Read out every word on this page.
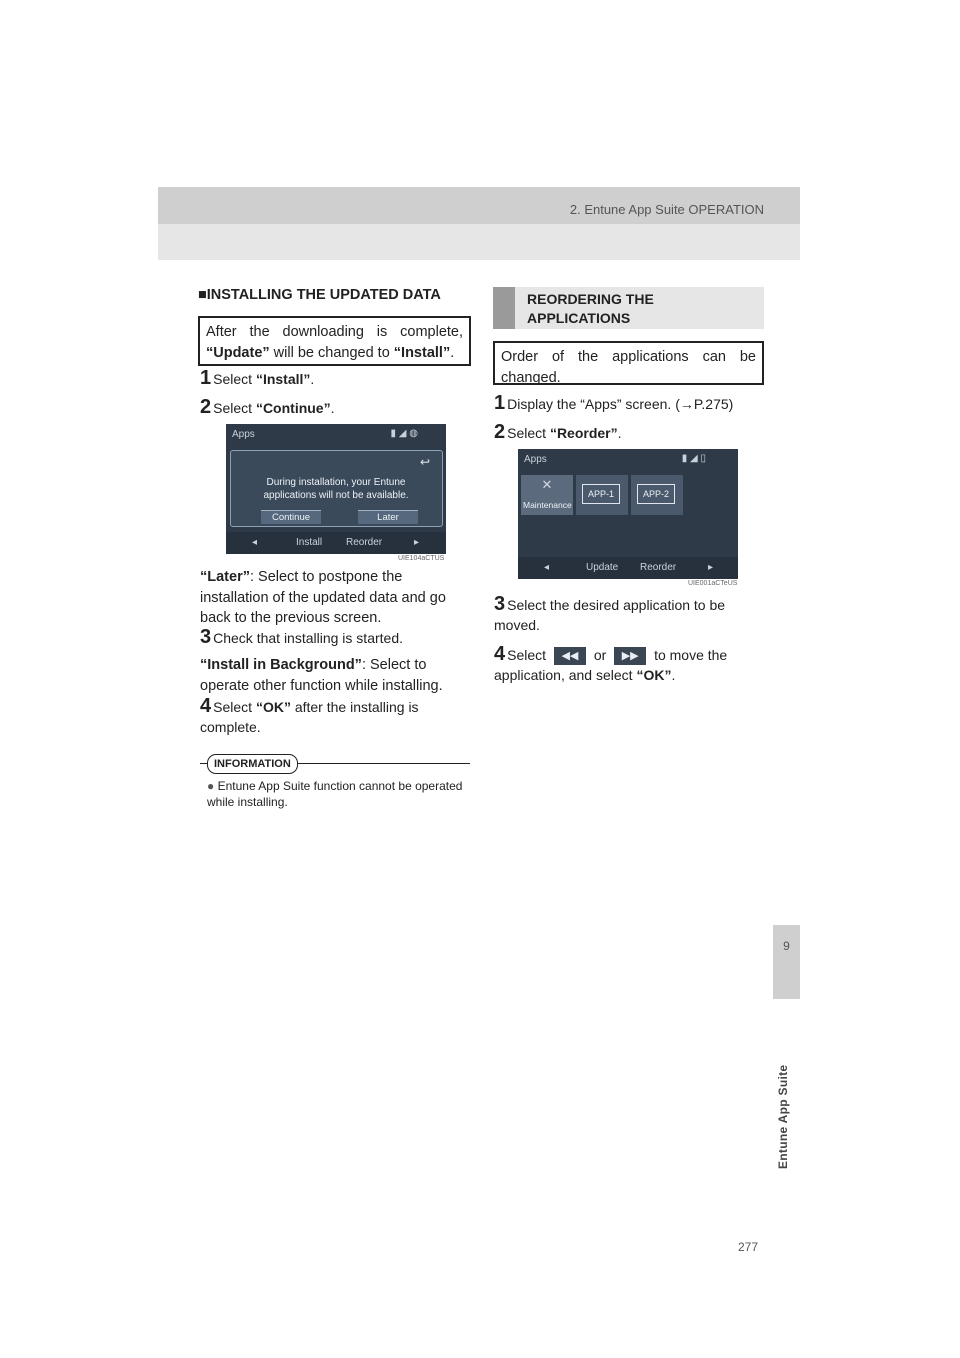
2. Entune App Suite OPERATION
9
Entune App Suite
■INSTALLING THE UPDATED DATA
After the downloading is complete, “Update” will be changed to “Install”.
1 Select “Install”.
2 Select “Continue”.
Apps	▮ ◢ ◍
↩
During installation, your Entune
applications will not be available.
Continue	Later
◂	Install Reorder	▸
UIE104aCTUS
“Later”: Select to postpone the installation of the updated data and go back to the previous screen.
3 Check that installing is started.
“Install in Background”: Select to operate other function while installing.
4 Select “OK” after the installing is complete.
INFORMATION
● Entune App Suite function cannot be operated while installing.
REORDERING THE
APPLICATIONS
Order of the applications can be changed.
1 Display the “Apps” screen. (→P.275)
2 Select “Reorder”.
Apps	▮ ◢ ▯
✕
Maintenance
APP-1	APP-2
◂	Update Reorder	▸
UIE001aCTeUS
3 Select the desired application to be moved.
4 Select ◀◀ or ▶▶ to move the application, and select “OK”.
277
